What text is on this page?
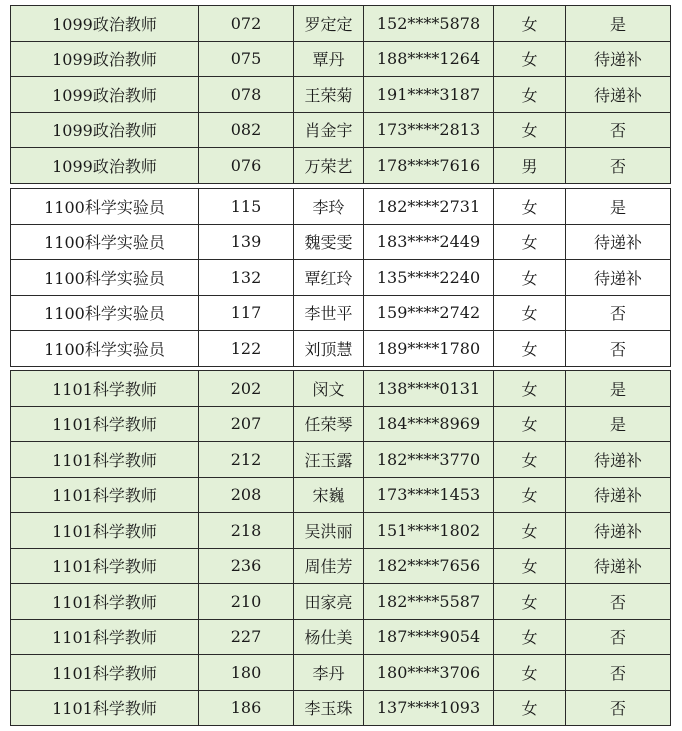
1099政治教师	072	罗定定	152****5878	女	是
1099政治教师	075	覃丹	188****1264	女	待递补
1099政治教师	078	王荣菊	191****3187	女	待递补
1099政治教师	082	肖金宇	173****2813	女	否
1099政治教师	076	万荣艺	178****7616	男	否
1100科学实验员	115	李玲	182****2731	女	是
1100科学实验员	139	魏雯雯	183****2449	女	待递补
1100科学实验员	132	覃红玲	135****2240	女	待递补
1100科学实验员	117	李世平	159****2742	女	否
1100科学实验员	122	刘顶慧	189****1780	女	否
1101科学教师	202	闵文	138****0131	女	是
1101科学教师	207	任荣琴	184****8969	女	是
1101科学教师	212	汪玉露	182****3770	女	待递补
1101科学教师	208	宋巍	173****1453	女	待递补
1101科学教师	218	吴洪丽	151****1802	女	待递补
1101科学教师	236	周佳芳	182****7656	女	待递补
1101科学教师	210	田家亮	182****5587	女	否
1101科学教师	227	杨仕美	187****9054	女	否
1101科学教师	180	李丹	180****3706	女	否
1101科学教师	186	李玉珠	137****1093	女	否
